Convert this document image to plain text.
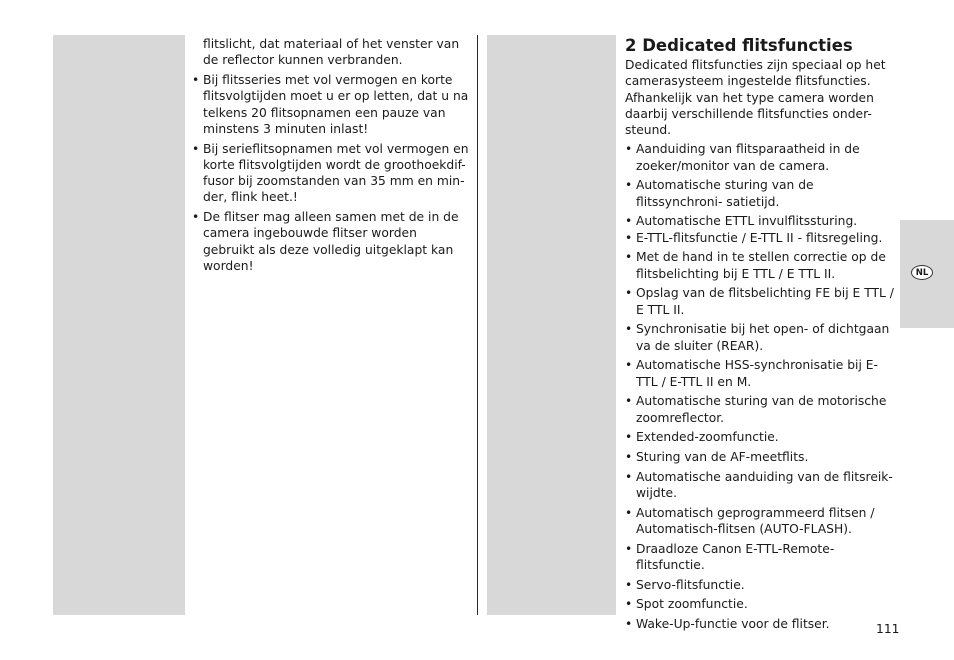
flitslicht, dat materiaal of het venster van de reflector kunnen verbranden.

• Bij flitsseries met vol vermogen en korte flitsvolgtijden moet u er op letten, dat u na telkens 20 flitsopnamen een pauze van minstens 3 minuten inlast!
• Bij serieflitsopnamen met vol vermogen en korte flitsvolgtijden wordt de groothoekdif- fusor bij zoomstanden van 35 mm en min- der, flink heet.!
• De flitser mag alleen samen met de in de camera ingebouwde flitser worden gebruikt als deze volledig uitgeklapt kan worden!
2 Dedicated flitsfuncties

Dedicated flitsfuncties zijn speciaal op het camerasysteem ingestelde flitsfuncties. Afhankelijk van het type camera worden daarbij verschillende flitsfuncties onder- steund.

• Aanduiding van flitsparaatheid in de zoeker/monitor van de camera.
• Automatische sturing van de flitssynchroni- satietijd.
• Automatische ETTL invulflitssturing.
• E-TTL-flitsfunctie / E-TTL II - flitsregeling.
• Met de hand in te stellen correctie op de flitsbelichting bij E TTL / E TTL II.
• Opslag van de flitsbelichting FE bij E TTL / E TTL II.
• Synchronisatie bij het open- of dichtgaan va de sluiter (REAR).
• Automatische HSS-synchronisatie bij E-TTL / E-TTL II en M.
• Automatische sturing van de motorische zoomreflector.
• Extended-zoomfunctie.
• Sturing van de AF-meetflits.
• Automatische aanduiding van de flitsreik- wijdte.
• Automatisch geprogrammeerd flitsen / Automatisch-flitsen (AUTO-FLASH).
• Draadloze Canon E-TTL-Remote-flitsfunctie.
• Servo-flitsfunctie.
• Spot zoomfunctie.
• Wake-Up-functie voor de flitser.
NL
111
